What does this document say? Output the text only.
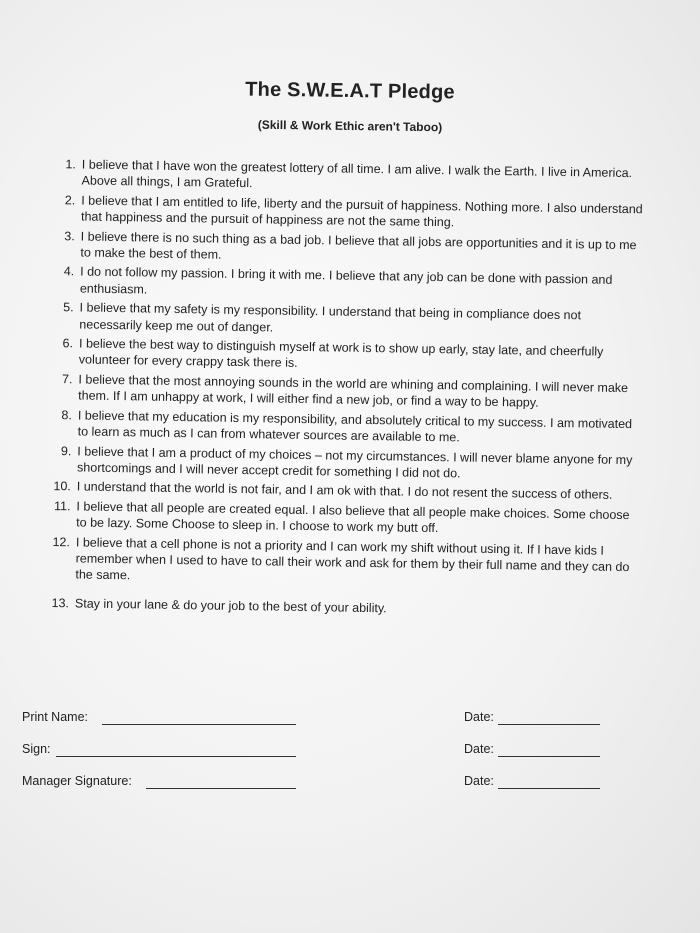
The S.W.E.A.T Pledge
(Skill & Work Ethic aren't Taboo)
1. I believe that I have won the greatest lottery of all time. I am alive. I walk the Earth. I live in America. Above all things, I am Grateful.
2. I believe that I am entitled to life, liberty and the pursuit of happiness. Nothing more. I also understand that happiness and the pursuit of happiness are not the same thing.
3. I believe there is no such thing as a bad job. I believe that all jobs are opportunities and it is up to me to make the best of them.
4. I do not follow my passion. I bring it with me. I believe that any job can be done with passion and enthusiasm.
5. I believe that my safety is my responsibility. I understand that being in compliance does not necessarily keep me out of danger.
6. I believe the best way to distinguish myself at work is to show up early, stay late, and cheerfully volunteer for every crappy task there is.
7. I believe that the most annoying sounds in the world are whining and complaining. I will never make them. If I am unhappy at work, I will either find a new job, or find a way to be happy.
8. I believe that my education is my responsibility, and absolutely critical to my success. I am motivated to learn as much as I can from whatever sources are available to me.
9. I believe that I am a product of my choices – not my circumstances. I will never blame anyone for my shortcomings and I will never accept credit for something I did not do.
10. I understand that the world is not fair, and I am ok with that. I do not resent the success of others.
11. I believe that all people are created equal. I also believe that all people make choices. Some choose to be lazy. Some Choose to sleep in. I choose to work my butt off.
12. I believe that a cell phone is not a priority and I can work my shift without using it. If I have kids I remember when I used to have to call their work and ask for them by their full name and they can do the same.
13. Stay in your lane & do your job to the best of your ability.
Print Name:	Date:
Sign:	Date:
Manager Signature:	Date:
